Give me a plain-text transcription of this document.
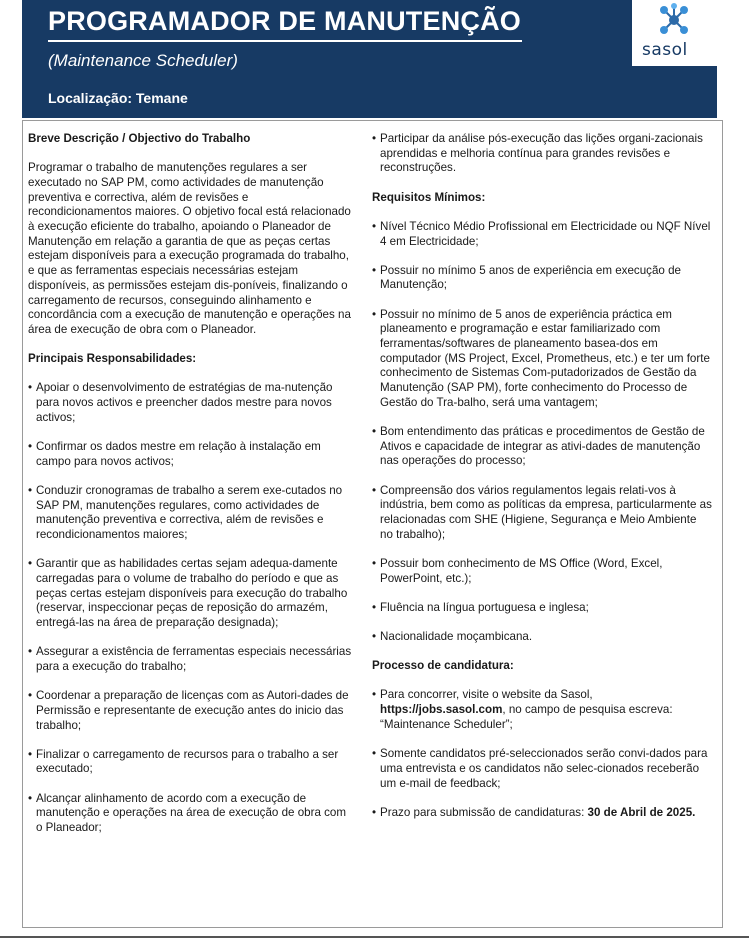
PROGRAMADOR DE MANUTENÇÃO
(Maintenance Scheduler)
Localização: Temane
sasol

Breve Descrição / Objectivo do Trabalho

Programar o trabalho de manutenções regulares a ser executado no SAP PM, como actividades de manutenção preventiva e correctiva, além de revisões e recondicionamentos maiores. O objetivo focal está relacionado à execução eficiente do trabalho, apoiando o Planeador de Manutenção em relação a garantia de que as peças certas estejam disponíveis para a execução programada do trabalho, e que as ferramentas especiais necessárias estejam disponíveis, as permissões estejam dis-poníveis, finalizando o carregamento de recursos, conseguindo alinhamento e concordância com a execução de manutenção e operações na área de execução de obra com o Planeador.

Principais Responsabilidades:

• Apoiar o desenvolvimento de estratégias de ma-nutenção para novos activos e preencher dados mestre para novos activos;
• Confirmar os dados mestre em relação à instalação em campo para novos activos;
• Conduzir cronogramas de trabalho a serem exe-cutados no SAP PM, manutenções regulares, como actividades de manutenção preventiva e correctiva, além de revisões e recondicionamentos maiores;
• Garantir que as habilidades certas sejam adequa-damente carregadas para o volume de trabalho do período e que as peças certas estejam disponíveis para execução do trabalho (reservar, inspeccionar peças de reposição do armazém, entregá-las na área de preparação designada);
• Assegurar a existência de ferramentas especiais necessárias para a execução do trabalho;
• Coordenar a preparação de licenças com as Autori-dades de Permissão e representante de execução antes do inicio das trabalho;
• Finalizar o carregamento de recursos para o trabalho a ser executado;
• Alcançar alinhamento de acordo com a execução de manutenção e operações na área de execução de obra com o Planeador;
• Participar da análise pós-execução das lições organi-zacionais aprendidas e melhoria contínua para grandes revisões e reconstruções.

Requisitos Mínimos:

• Nível Técnico Médio Profissional em Electricidade ou NQF Nível 4 em Electricidade;
• Possuir no mínimo 5 anos de experiência em execução de Manutenção;
• Possuir no mínimo de 5 anos de experiência práctica em planeamento e programação e estar familiarizado com ferramentas/softwares de planeamento basea-dos em computador (MS Project, Excel, Prometheus, etc.) e ter um forte conhecimento de Sistemas Com-putadorizados de Gestão da Manutenção (SAP PM), forte conhecimento do Processo de Gestão do Tra-balho, será uma vantagem;
• Bom entendimento das práticas e procedimentos de Gestão de Ativos e capacidade de integrar as ativi-dades de manutenção nas operações do processo;
• Compreensão dos vários regulamentos legais relati-vos à indústria, bem como as políticas da empresa, particularmente as relacionadas com SHE (Higiene, Segurança e Meio Ambiente no trabalho);
• Possuir bom conhecimento de MS Office (Word, Excel, PowerPoint, etc.);
• Fluência na língua portuguesa e inglesa;
• Nacionalidade moçambicana.

Processo de candidatura:

• Para concorrer, visite o website da Sasol, https://jobs.sasol.com, no campo de pesquisa escreva: “Maintenance Scheduler”;
• Somente candidatos pré-seleccionados serão convi-dados para uma entrevista e os candidatos não selec-cionados receberão um e-mail de feedback;
• Prazo para submissão de candidaturas: 30 de Abril de 2025.
